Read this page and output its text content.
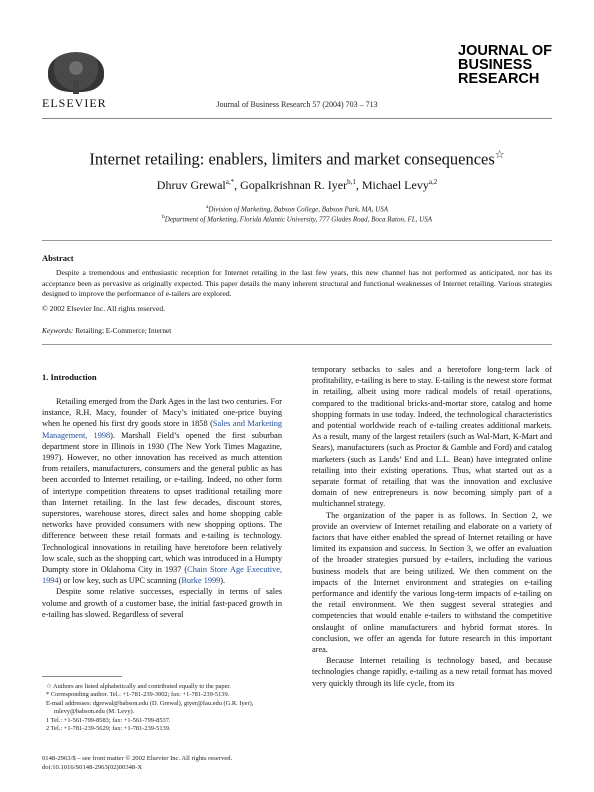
ELSEVIER	Journal of Business Research 57 (2004) 703 – 713
JOURNAL OF
BUSINESS
RESEARCH
Internet retailing: enablers, limiters and market consequences☆
Dhruv Grewal$^{a,*}$, Gopalkrishnan R. Iyer$^{b,1}$, Michael Levy$^{a,2}$
$^a$Division of Marketing, Babson College, Babson Park, MA, USA
$^b$Department of Marketing, Florida Atlantic University, 777 Glades Road, Boca Raton, FL, USA
Abstract
Despite a tremendous and enthusiastic reception for Internet retailing in the last few years, this new channel has not performed as anticipated, nor has its acceptance been as pervasive as originally expected. This paper details the many inherent structural and functional weaknesses of Internet retailing. Various strategies designed to improve the performance of e-tailers are explored.
© 2002 Elsevier Inc. All rights reserved.
Keywords: Retailing; E-Commerce; Internet
1. Introduction

Retailing emerged from the Dark Ages in the last two centuries. For instance, R.H. Macy, founder of Macy’s initiated one-price buying when he opened his first dry goods store in 1858 (Sales and Marketing Management, 1998). Marshall Field’s opened the first suburban department store in Illinois in 1930 (The New York Times Magazine, 1997). However, no other innovation has received as much attention from retailers, manufacturers, consumers and the general public as has been accorded to Internet retailing, or e-tailing. Indeed, no other form of intertype competition threatens to upset traditional retailing more than Internet retailing. In the last few decades, discount stores, superstores, warehouse stores, direct sales and home shopping cable networks have provided consumers with new shopping options. The difference between these retail formats and e-tailing is technology. Technological innovations in retailing have heretofore been relatively low scale, such as the shopping cart, which was introduced in a Humpty Dumpty store in Oklahoma City in 1937 (Chain Store Age Executive, 1994) or low key, such as UPC scanning (Burke 1999).

Despite some relative successes, especially in terms of sales volume and growth of a customer base, the initial fast-paced growth in e-tailing has slowed. Regardless of several

temporary setbacks to sales and a heretofore long-term lack of profitability, e-tailing is here to stay. E-tailing is the newest store format in retailing, albeit using more radical models of retail operations, compared to the traditional bricks-and-mortar store, catalog and home shopping formats in use today. Indeed, the technological characteristics and potential worldwide reach of e-tailing creates additional markets. As a result, many of the largest retailers (such as Wal-Mart, K-Mart and Sears), manufacturers (such as Proctor & Gamble and Ford) and catalog marketers (such as Lands’ End and L.L. Bean) have integrated online retailing into their existing operations. Thus, what started out as a separate format of retailing that was the innovation and exclusive domain of new entrepreneurs is now becoming simply part of a multichannel strategy.

The organization of the paper is as follows. In Section 2, we provide an overview of Internet retailing and elaborate on a variety of factors that have either enabled the spread of Internet retailing or have limited its expansion and success. In Section 3, we offer an evaluation of the broader strategies pursued by e-tailers, including the various business models that are being utilized. We then comment on the impacts of the Internet environment and strategies on e-tailing performance and identify the various long-term impacts of e-tailing on the retail environment. We then suggest several strategies and competencies that would enable e-tailers to withstand the competitive onslaught of online manufacturers and hybrid format stores. In conclusion, we offer an agenda for future research in this important area.

Because Internet retailing is technology based, and because technologies change rapidly, e-tailing as a new retail format has moved very quickly through its life cycle, from its

☆ Authors are listed alphabetically and contributed equally to the paper.
* Corresponding author. Tel.: +1-781-239-3902; fax: +1-781-239-5139.
E-mail addresses: dgrewal@babson.edu (D. Grewal), giyer@fau.edu (G.R. Iyer), mlevy@babson.edu (M. Levy).
1 Tel.: +1-561-799-8583; fax: +1-561-799-8537.
2 Tel.: +1-781-239-5629; fax: +1-781-239-5139.
0148-2963/$ – see front matter © 2002 Elsevier Inc. All rights reserved.
doi:10.1016/S0148-2963(02)00348-X
